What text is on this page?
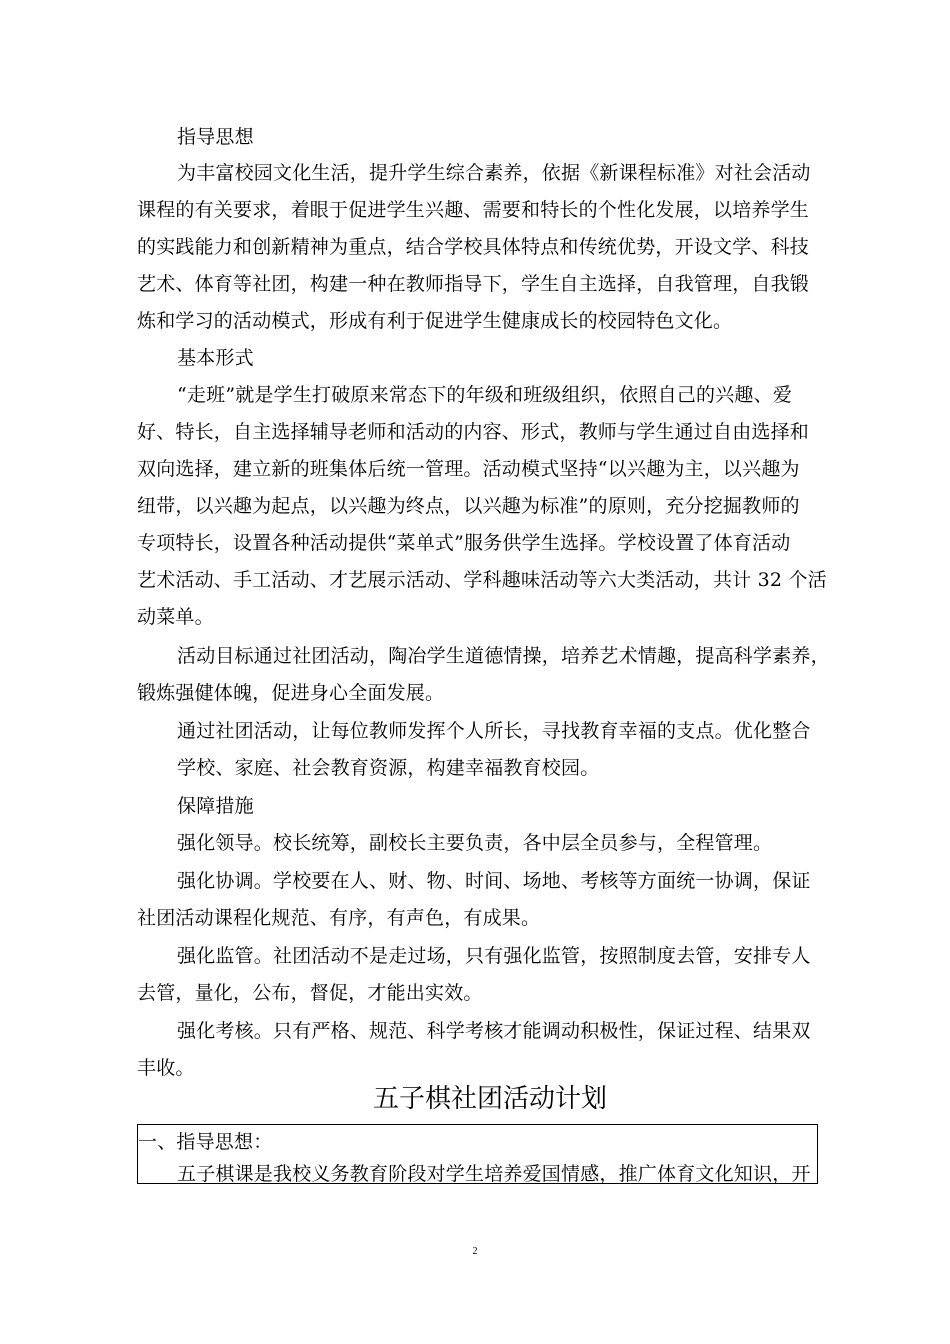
指导思想
为丰富校园文化生活，提升学生综合素养，依据《新课程标准》对社会活动
课程的有关要求，着眼于促进学生兴趣、需要和特长的个性化发展，以培养学生
的实践能力和创新精神为重点，结合学校具体特点和传统优势，开设文学、科技
艺术、体育等社团，构建一种在教师指导下，学生自主选择，自我管理，自我锻
炼和学习的活动模式，形成有利于促进学生健康成长的校园特色文化。
基本形式
“走班”就是学生打破原来常态下的年级和班级组织，依照自己的兴趣、爱
好、特长，自主选择辅导老师和活动的内容、形式，教师与学生通过自由选择和
双向选择，建立新的班集体后统一管理。活动模式坚持“以兴趣为主，以兴趣为
纽带，以兴趣为起点，以兴趣为终点，以兴趣为标准”的原则，充分挖掘教师的
专项特长，设置各种活动提供“菜单式”服务供学生选择。学校设置了体育活动
艺术活动、手工活动、才艺展示活动、学科趣味活动等六大类活动，共计 32 个活
动菜单。
活动目标通过社团活动，陶冶学生道德情操，培养艺术情趣，提高科学素养，
锻炼强健体魄，促进身心全面发展。
通过社团活动，让每位教师发挥个人所长，寻找教育幸福的支点。优化整合
学校、家庭、社会教育资源，构建幸福教育校园。
保障措施
强化领导。校长统筹，副校长主要负责，各中层全员参与，全程管理。
强化协调。学校要在人、财、物、时间、场地、考核等方面统一协调，保证
社团活动课程化规范、有序，有声色，有成果。
强化监管。社团活动不是走过场，只有强化监管，按照制度去管，安排专人
去管，量化，公布，督促，才能出实效。
强化考核。只有严格、规范、科学考核才能调动积极性，保证过程、结果双
丰收。
五子棋社团活动计划
一、指导思想：
五子棋课是我校义务教育阶段对学生培养爱国情感，推广体育文化知识，开
2
